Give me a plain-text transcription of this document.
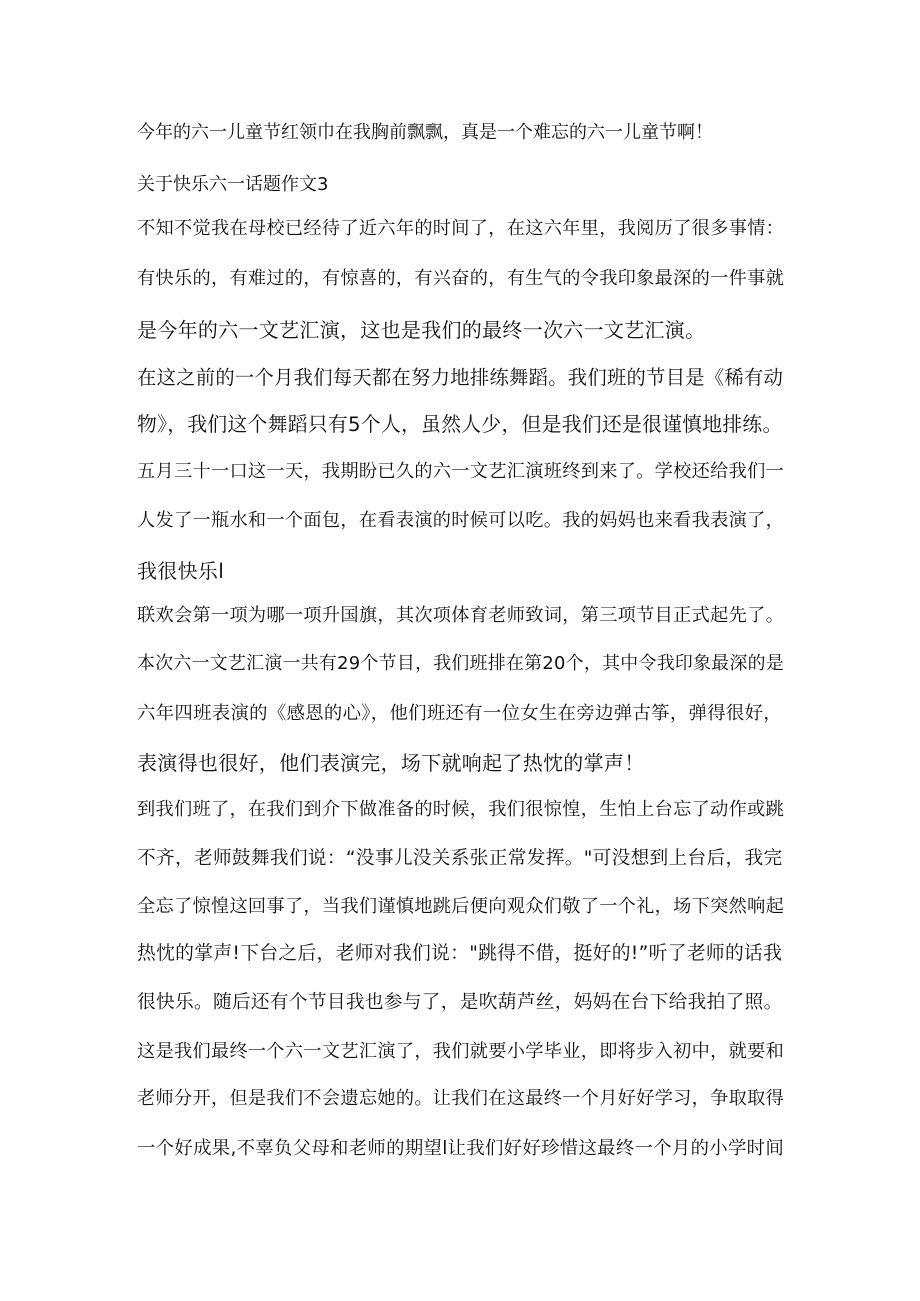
今年的六一儿童节红领巾在我胸前飘飘，真是一个难忘的六一儿童节啊！
关于快乐六一话题作文3
不知不觉我在母校已经待了近六年的时间了，在这六年里，我阅历了很多事情：
有快乐的，有难过的，有惊喜的，有兴奋的，有生气的令我印象最深的一件事就
是今年的六一文艺汇演，这也是我们的最终一次六一文艺汇演。
在这之前的一个月我们每天都在努力地排练舞蹈。我们班的节目是《稀有动
物》，我们这个舞蹈只有5个人，虽然人少，但是我们还是很谨慎地排练。
五月三十一口这一天，我期盼已久的六一文艺汇演班终到来了。学校还给我们一
人发了一瓶水和一个面包，在看表演的时候可以吃。我的妈妈也来看我表演了，
我很快乐l
联欢会第一项为哪一项升国旗，其次项体育老师致词，第三项节目正式起先了。
本次六一文艺汇演一共有29个节目，我们班排在第20个，其中令我印象最深的是
六年四班表演的《感恩的心》，他们班还有一位女生在旁边弹古筝，弹得很好，
表演得也很好，他们表演完，场下就响起了热忱的掌声！
到我们班了，在我们到介下做准备的时候，我们很惊惶，生怕上台忘了动作或跳
不齐，老师鼓舞我们说：“没事儿没关系张正常发挥。"可没想到上台后，我完
全忘了惊惶这回事了，当我们谨慎地跳后便向观众们敬了一个礼，场下突然响起
热忱的掌声!下台之后，老师对我们说："跳得不借，挺好的!”听了老师的话我
很快乐。随后还有个节目我也参与了，是吹葫芦丝，妈妈在台下给我拍了照。
这是我们最终一个六一文艺汇演了，我们就要小学毕业，即将步入初中，就要和
老师分开，但是我们不会遗忘她的。让我们在这最终一个月好好学习，争取取得
一个好成果,不辜负父母和老师的期望l让我们好好珍惜这最终一个月的小学时间
